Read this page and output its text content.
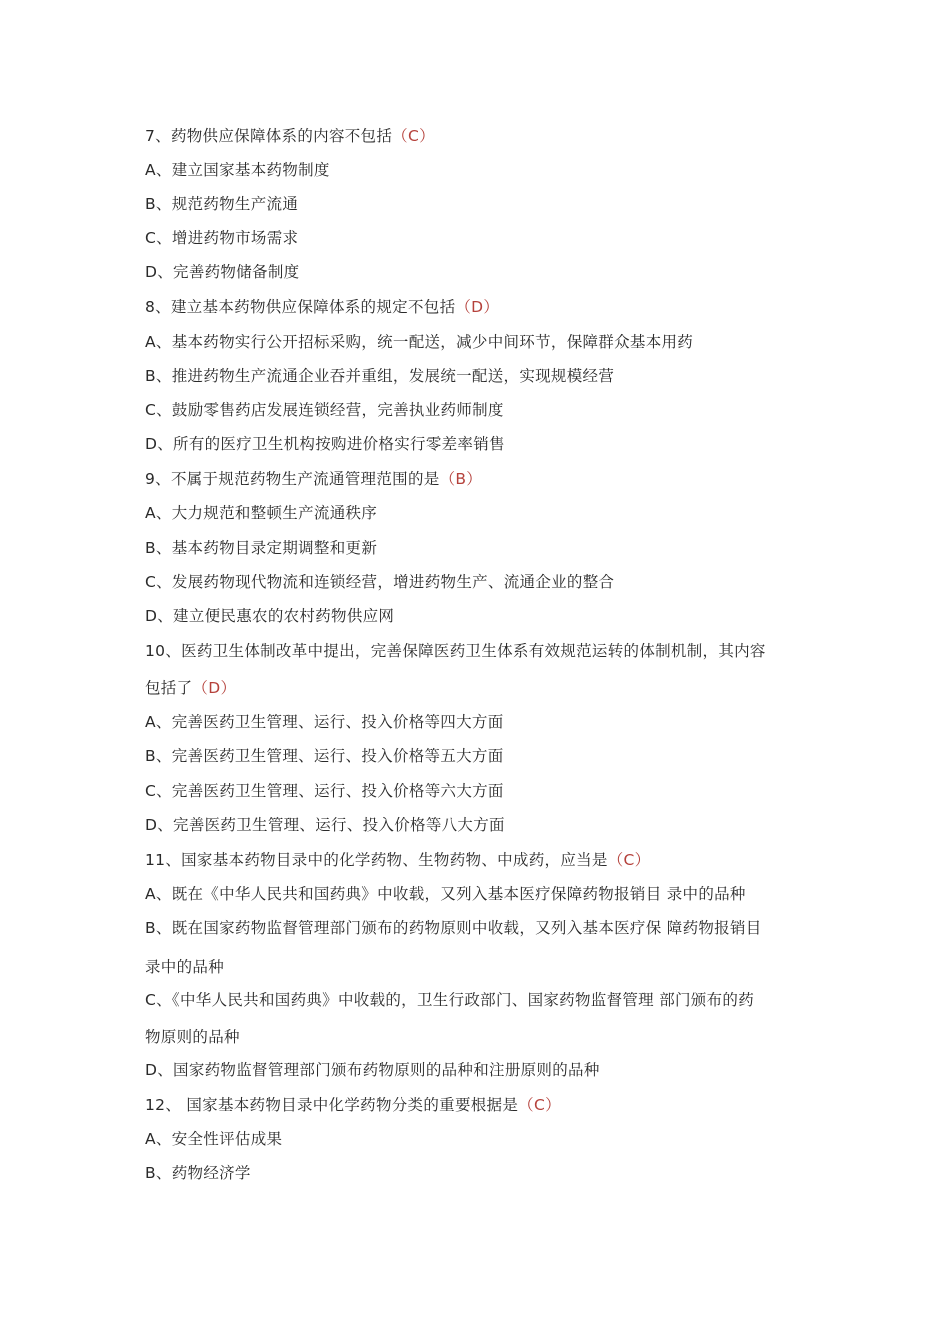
7、药物供应保障体系的内容不包括（C）
A、建立国家基本药物制度
B、规范药物生产流通
C、增进药物市场需求
D、完善药物储备制度
8、建立基本药物供应保障体系的规定不包括（D）
A、基本药物实行公开招标采购，统一配送，减少中间环节，保障群众基本用药
B、推进药物生产流通企业吞并重组，发展统一配送，实现规模经营
C、鼓励零售药店发展连锁经营，完善执业药师制度
D、所有的医疗卫生机构按购进价格实行零差率销售
9、不属于规范药物生产流通管理范围的是（B）
A、大力规范和整顿生产流通秩序
B、基本药物目录定期调整和更新
C、发展药物现代物流和连锁经营，增进药物生产、流通企业的整合
D、建立便民惠农的农村药物供应网
10、医药卫生体制改革中提出，完善保障医药卫生体系有效规范运转的体制机制，其内容
包括了（D）
A、完善医药卫生管理、运行、投入价格等四大方面
B、完善医药卫生管理、运行、投入价格等五大方面
C、完善医药卫生管理、运行、投入价格等六大方面
D、完善医药卫生管理、运行、投入价格等八大方面
11、国家基本药物目录中的化学药物、生物药物、中成药，应当是（C）
A、既在《中华人民共和国药典》中收载，又列入基本医疗保障药物报销目 录中的品种
B、既在国家药物监督管理部门颁布的药物原则中收载，又列入基本医疗保 障药物报销目
录中的品种
C、《中华人民共和国药典》中收载的，卫生行政部门、国家药物监督管理 部门颁布的药
物原则的品种
D、国家药物监督管理部门颁布药物原则的品种和注册原则的品种
12、 国家基本药物目录中化学药物分类的重要根据是（C）
A、安全性评估成果
B、药物经济学
